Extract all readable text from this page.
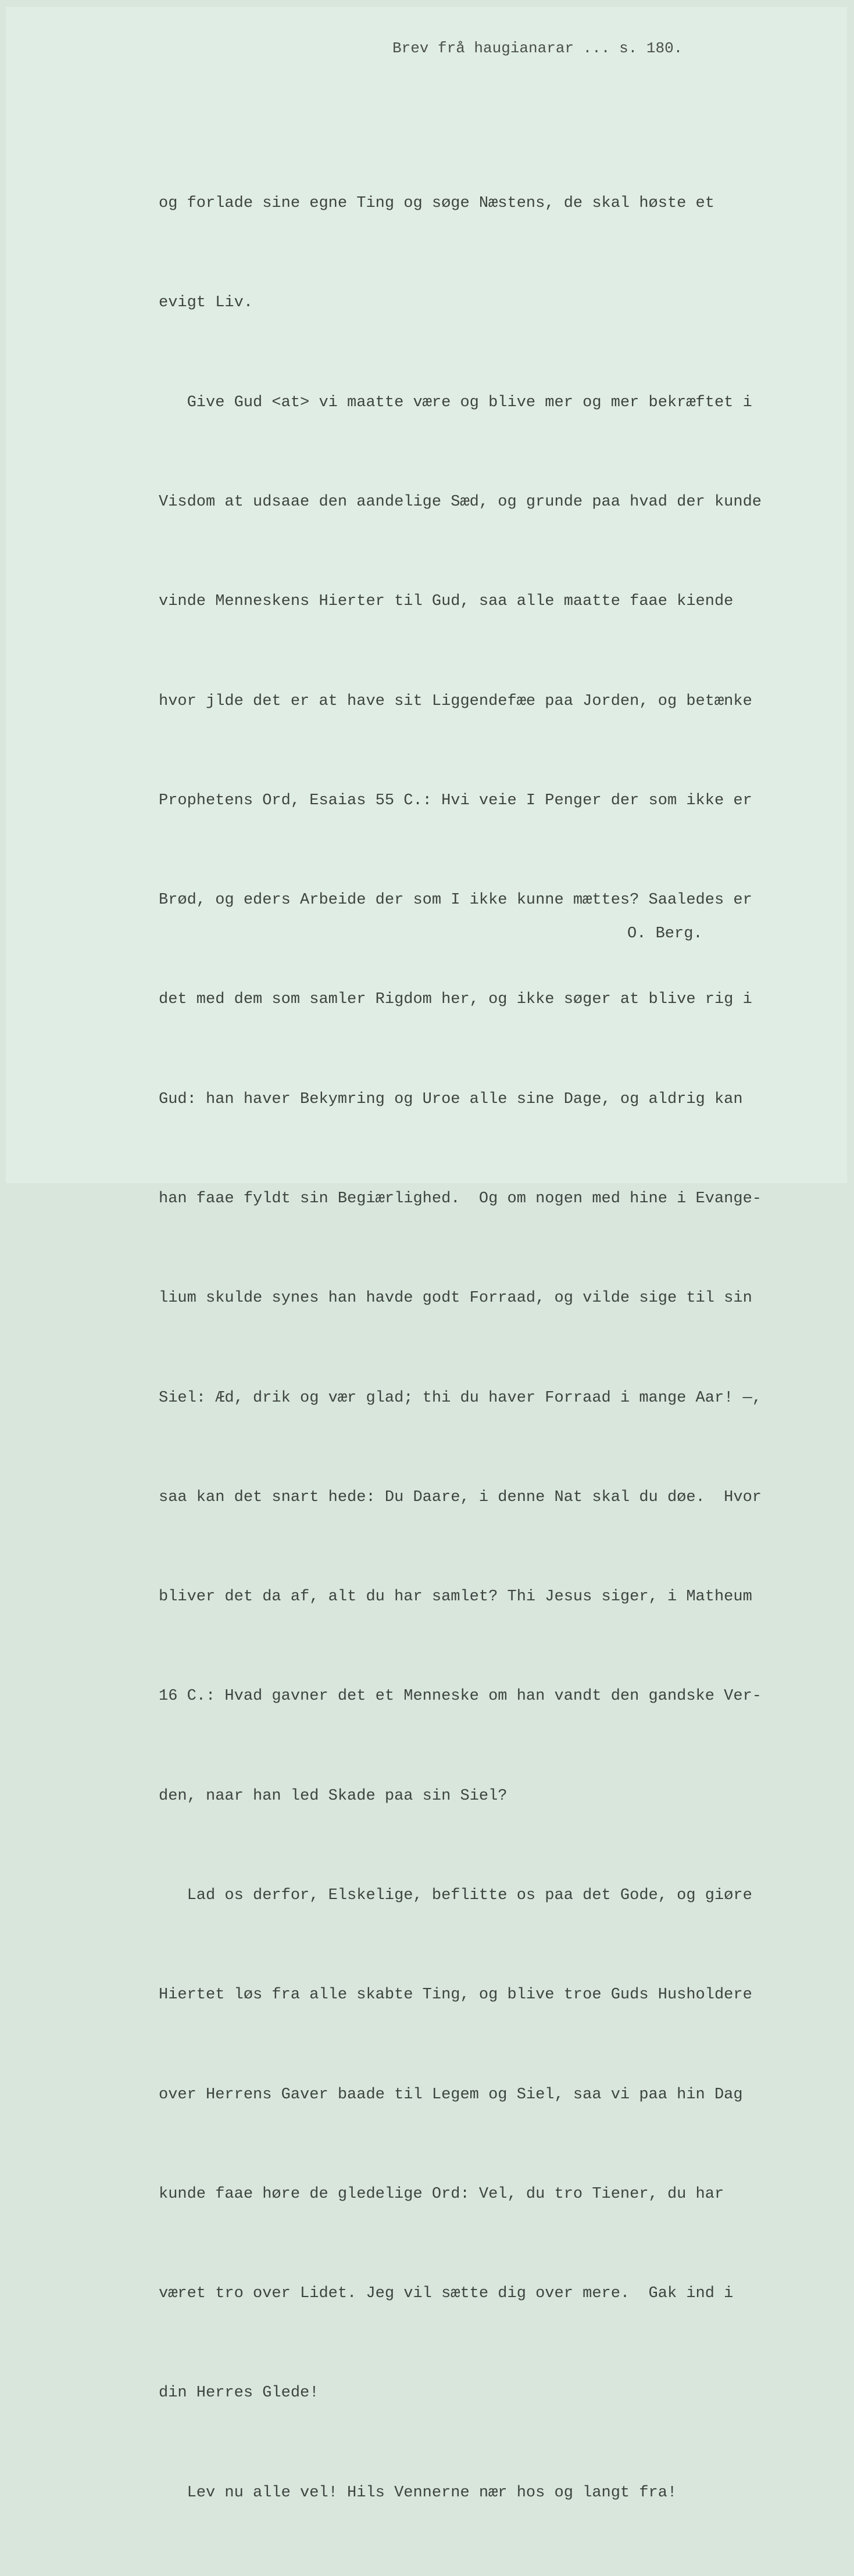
Brev frå haugianarar ... s. 180.

og forlade sine egne Ting og søge Næstens, de skal høste et

evigt Liv.

Give Gud <at> vi maatte være og blive mer og mer bekræftet i

Visdom at udsaae den aandelige Sæd, og grunde paa hvad der kunde

vinde Menneskens Hierter til Gud, saa alle maatte faae kiende

hvor jlde det er at have sit Liggendefæe paa Jorden, og betænke

Prophetens Ord, Esaias 55 C.: Hvi veie I Penger der som ikke er

Brød, og eders Arbeide der som I ikke kunne mættes? Saaledes er

det med dem som samler Rigdom her, og ikke søger at blive rig i

Gud: han haver Bekymring og Uroe alle sine Dage, og aldrig kan

han faae fyldt sin Begiærlighed.  Og om nogen med hine i Evange-

lium skulde synes han havde godt Forraad, og vilde sige til sin

Siel: Æd, drik og vær glad; thi du haver Forraad i mange Aar! —,

saa kan det snart hede: Du Daare, i denne Nat skal du døe.  Hvor

bliver det da af, alt du har samlet? Thi Jesus siger, i Matheum

16 C.: Hvad gavner det et Menneske om han vandt den gandske Ver-

den, naar han led Skade paa sin Siel?

Lad os derfor, Elskelige, beflitte os paa det Gode, og giøre

Hiertet løs fra alle skabte Ting, og blive troe Guds Husholdere

over Herrens Gaver baade til Legem og Siel, saa vi paa hin Dag

kunde faae høre de gledelige Ord: Vel, du tro Tiener, du har

været tro over Lidet. Jeg vil sætte dig over mere.  Gak ind i

din Herres Glede!

Lev nu alle vel! Hils Vennerne nær hos og langt fra!

O. Berg.
